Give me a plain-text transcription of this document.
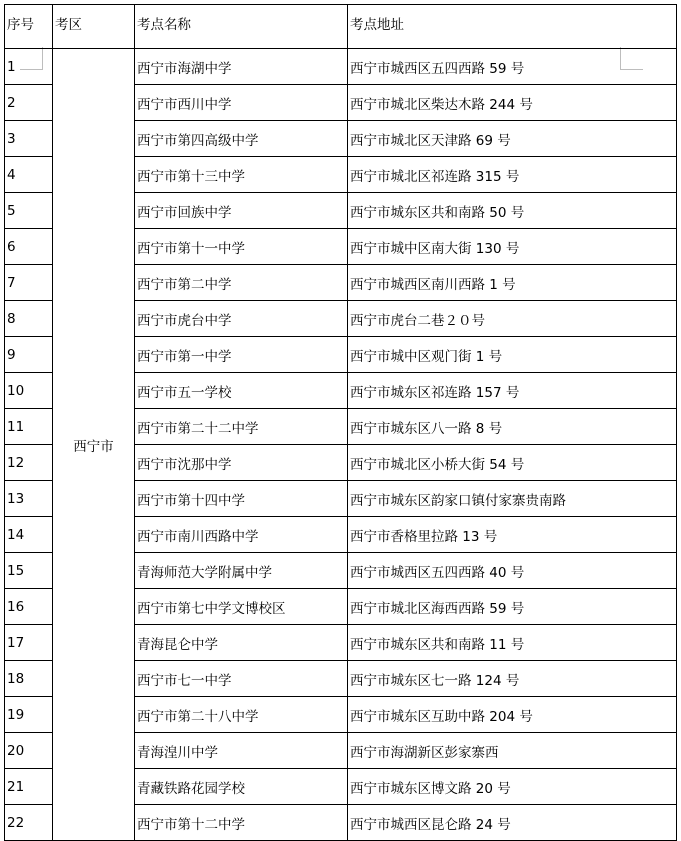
序号	考区	考点名称	考点地址
1	西宁市	西宁市海湖中学	西宁市城西区五四西路 59 号
2		西宁市西川中学	西宁市城北区柴达木路 244 号
3		西宁市第四高级中学	西宁市城北区天津路 69 号
4		西宁市第十三中学	西宁市城北区祁连路 315 号
5		西宁市回族中学	西宁市城东区共和南路 50 号
6		西宁市第十一中学	西宁市城中区南大街 130 号
7		西宁市第二中学	西宁市城西区南川西路 1 号
8		西宁市虎台中学	西宁市虎台二巷２０号
9		西宁市第一中学	西宁市城中区观门街 1 号
10		西宁市五一学校	西宁市城东区祁连路 157 号
11		西宁市第二十二中学	西宁市城东区八一路 8 号
12		西宁市沈那中学	西宁市城北区小桥大街 54 号
13		西宁市第十四中学	西宁市城东区韵家口镇付家寨贵南路
14		西宁市南川西路中学	西宁市香格里拉路 13 号
15		青海师范大学附属中学	西宁市城西区五四西路 40 号
16		西宁市第七中学文博校区	西宁市城北区海西西路 59 号
17		青海昆仑中学	西宁市城东区共和南路 11 号
18		西宁市七一中学	西宁市城东区七一路 124 号
19		西宁市第二十八中学	西宁市城东区互助中路 204 号
20		青海湟川中学	西宁市海湖新区彭家寨西
21		青藏铁路花园学校	西宁市城东区博文路 20 号
22		西宁市第十二中学	西宁市城西区昆仑路 24 号
